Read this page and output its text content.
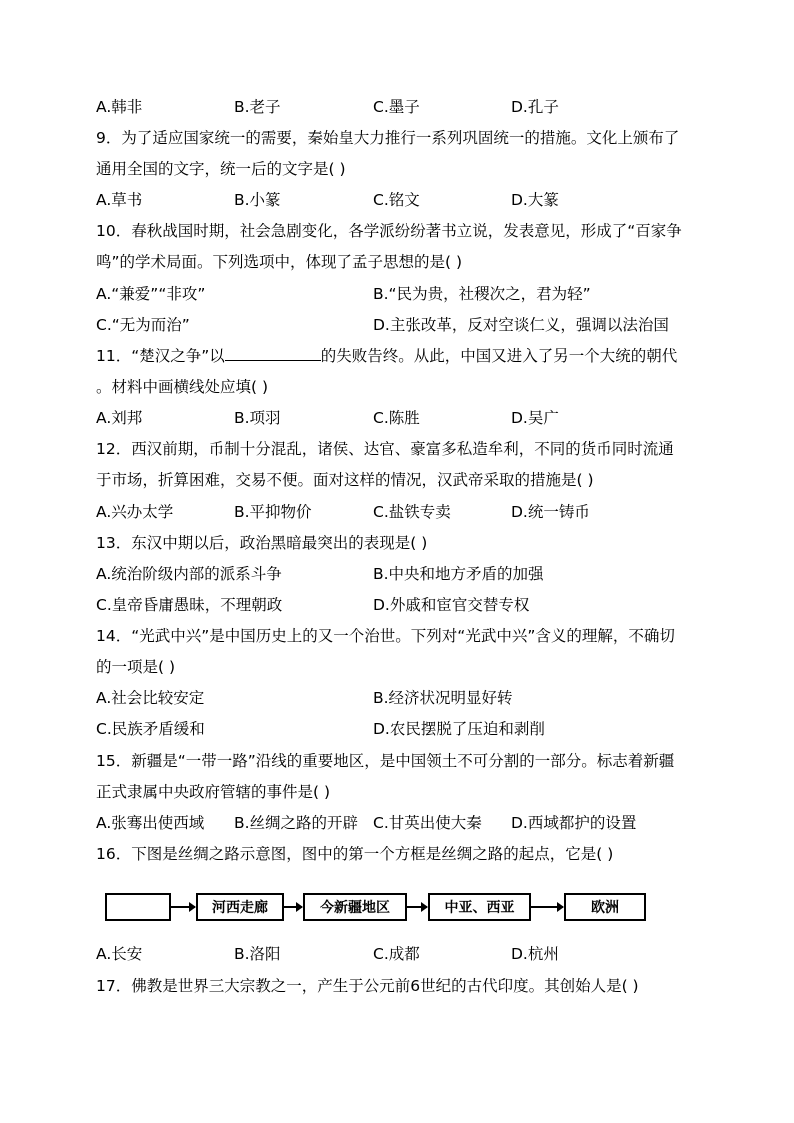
A.韩非	B.老子	C.墨子	D.孔子
9．为了适应国家统一的需要，秦始皇大力推行一系列巩固统一的措施。文化上颁布了
通用全国的文字，统一后的文字是( )
A.草书	B.小篆	C.铭文	D.大篆
10．春秋战国时期，社会急剧变化，各学派纷纷著书立说，发表意见，形成了“百家争
鸣”的学术局面。下列选项中，体现了孟子思想的是( )
A.“兼爱”“非攻”	B.“民为贵，社稷次之，君为轻”
C.“无为而治”	D.主张改革，反对空谈仁义，强调以法治国
11．“楚汉之争”以	的失败告终。从此，中国又进入了另一个大统的朝代
。材料中画横线处应填( )
A.刘邦	B.项羽	C.陈胜	D.吴广
12．西汉前期，币制十分混乱，诸侯、达官、豪富多私造牟利，不同的货币同时流通
于市场，折算困难，交易不便。面对这样的情况，汉武帝采取的措施是( )
A.兴办太学	B.平抑物价	C.盐铁专卖	D.统一铸币
13．东汉中期以后，政治黑暗最突出的表现是( )
A.统治阶级内部的派系斗争	B.中央和地方矛盾的加强
C.皇帝昏庸愚昧，不理朝政	D.外戚和宦官交替专权
14．“光武中兴”是中国历史上的又一个治世。下列对“光武中兴”含义的理解，不确切
的一项是( )
A.社会比较安定	B.经济状况明显好转
C.民族矛盾缓和	D.农民摆脱了压迫和剥削
15．新疆是“一带一路”沿线的重要地区，是中国领土不可分割的一部分。标志着新疆
正式隶属中央政府管辖的事件是( )
A.张骞出使西域 B.丝绸之路的开辟 C.甘英出使大秦 D.西域都护的设置
16．下图是丝绸之路示意图，图中的第一个方框是丝绸之路的起点，它是( )
河西走廊	今新疆地区	中亚、西亚	欧洲
A.长安	B.洛阳	C.成都	D.杭州
17．佛教是世界三大宗教之一，产生于公元前6世纪的古代印度。其创始人是( )
